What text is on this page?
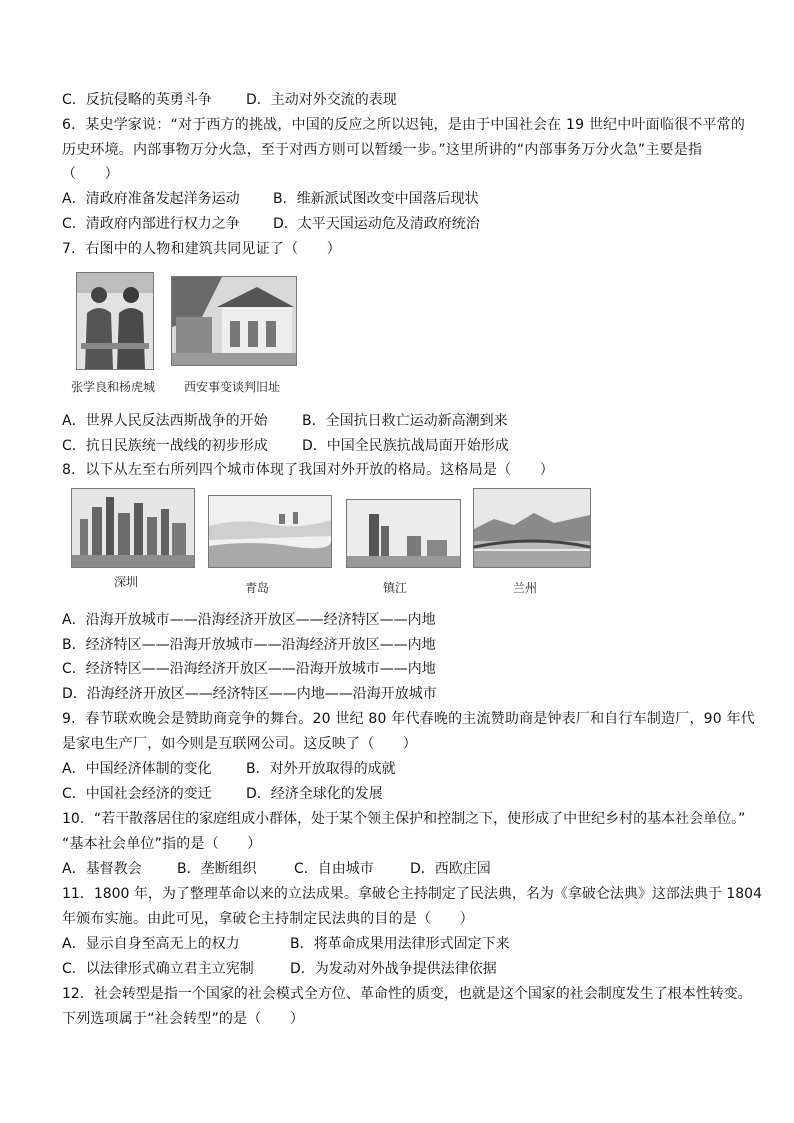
C．反抗侵略的英勇斗争 D．主动对外交流的表现
6．某史学家说：“对于西方的挑战，中国的反应之所以迟钝，是由于中国社会在 19 世纪中叶面临很不平常的
历史环境。内部事物万分火急，至于对西方则可以暂缓一步。”这里所讲的“内部事务万分火急”主要是指
（　　）
A．清政府准备发起洋务运动 B．维新派试图改变中国落后现状
C．清政府内部进行权力之争 D．太平天国运动危及清政府统治
7．右图中的人物和建筑共同见证了（　　）
张学良和杨虎城 西安事变谈判旧址
A．世界人民反法西斯战争的开始 B．全国抗日救亡运动新高潮到来
C．抗日民族统一战线的初步形成 D．中国全民族抗战局面开始形成
8．以下从左至右所列四个城市体现了我国对外开放的格局。这格局是（　　）
深圳	青岛	镇江	兰州
A．沿海开放城市——沿海经济开放区——经济特区——内地
B．经济特区——沿海开放城市——沿海经济开放区——内地
C．经济特区——沿海经济开放区——沿海开放城市——内地
D．沿海经济开放区——经济特区——内地——沿海开放城市
9．春节联欢晚会是赞助商竞争的舞台。20 世纪 80 年代春晚的主流赞助商是钟表厂和自行车制造厂，90 年代
是家电生产厂，如今则是互联网公司。这反映了（　　）
A．中国经济体制的变化 B．对外开放取得的成就
C．中国社会经济的变迁 D．经济全球化的发展
10．“若干散落居住的家庭组成小群体，处于某个领主保护和控制之下，使形成了中世纪乡村的基本社会单位。”
“基本社会单位”指的是（　　）
A．基督教会	B．垄断组织	C．自由城市	D．西欧庄园
11．1800 年，为了整理革命以来的立法成果。拿破仑主持制定了民法典，名为《拿破仑法典》这部法典于 1804
年颁布实施。由此可见，拿破仑主持制定民法典的目的是（　　）
A．显示自身至高无上的权力	B．将革命成果用法律形式固定下来
C．以法律形式确立君主立宪制	D．为发动对外战争提供法律依据
12．社会转型是指一个国家的社会模式全方位、革命性的质变，也就是这个国家的社会制度发生了根本性转变。
下列选项属于“社会转型”的是（　　）
